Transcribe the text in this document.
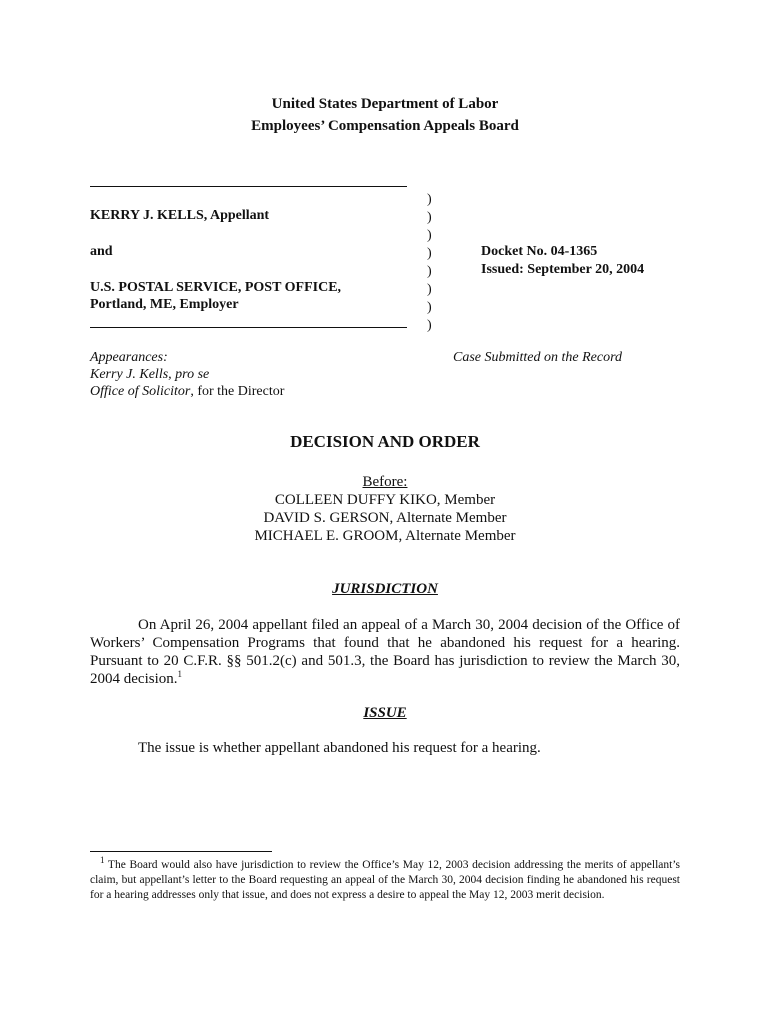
United States Department of Labor
Employees’ Compensation Appeals Board
KERRY J. KELLS, Appellant
and
U.S. POSTAL SERVICE, POST OFFICE,
Portland, ME, Employer
)
)
)
)
)
)
)
)
Docket No. 04-1365
Issued: September 20, 2004
Appearances:
Kerry J. Kells, pro se
Office of Solicitor, for the Director
Case Submitted on the Record
DECISION AND ORDER
Before:
COLLEEN DUFFY KIKO, Member
DAVID S. GERSON, Alternate Member
MICHAEL E. GROOM, Alternate Member
JURISDICTION
On April 26, 2004 appellant filed an appeal of a March 30, 2004 decision of the Office of Workers’ Compensation Programs that found that he abandoned his request for a hearing. Pursuant to 20 C.F.R. §§ 501.2(c) and 501.3, the Board has jurisdiction to review the March 30, 2004 decision.$^1$
ISSUE
The issue is whether appellant abandoned his request for a hearing.
$^1$ The Board would also have jurisdiction to review the Office’s May 12, 2003 decision addressing the merits of appellant’s claim, but appellant’s letter to the Board requesting an appeal of the March 30, 2004 decision finding he abandoned his request for a hearing addresses only that issue, and does not express a desire to appeal the May 12, 2003 merit decision.
